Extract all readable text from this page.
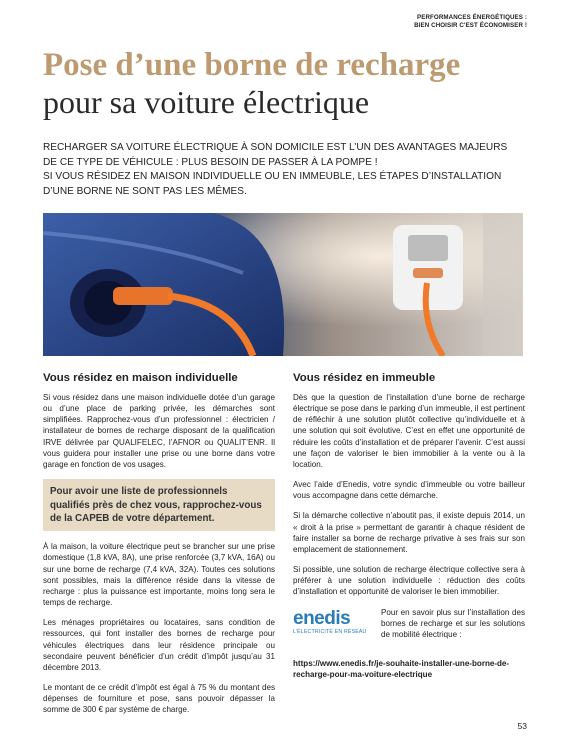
PERFORMANCES ÉNERGÉTIQUES :
BIEN CHOISIR C'EST ÉCONOMISER !
Pose d’une borne de recharge
pour sa voiture électrique

RECHARGER SA VOITURE ÉLECTRIQUE À SON DOMICILE EST L’UN DES AVANTAGES MAJEURS DE CE TYPE DE VÉHICULE : PLUS BESOIN DE PASSER À LA POMPE !

SI VOUS RÉSIDEZ EN MAISON INDIVIDUELLE OU EN IMMEUBLE, LES ÉTAPES D’INSTALLATION D’UNE BORNE NE SONT PAS LES MÊMES.

Vous résidez en maison individuelle	Vous résidez en immeuble

Si vous résidez dans une maison individuelle dotée d’un garage ou d’une place de parking privée, les démarches sont simplifiées. Rapprochez-vous d’un professionnel : électricien / installateur de bornes de recharge disposant de la qualification IRVE délivrée par QUALIFELEC, l’AFNOR ou QUALIT’ENR. Il vous guidera pour installer une prise ou une borne dans votre garage en fonction de vos usages.

Pour avoir une liste de professionnels
qualifiés près de chez vous, rapprochez-vous
de la CAPEB de votre département.

À la maison, la voiture électrique peut se brancher sur une prise domestique (1,8 kVA, 8A), une prise renforcée (3,7 kVA, 16A) ou sur une borne de recharge (7,4 kVA, 32A). Toutes ces solutions sont possibles, mais la différence réside dans la vitesse de recharge : plus la puissance est importante, moins long sera le temps de recharge.

Les ménages propriétaires ou locataires, sans condition de ressources, qui font installer des bornes de recharge pour véhicules électriques dans leur résidence principale ou secondaire peuvent bénéficier d’un crédit d’impôt jusqu’au 31 décembre 2013.

Le montant de ce crédit d’impôt est égal à 75 % du montant des dépenses de fourniture et pose, sans pouvoir dépasser la somme de 300 € par système de charge.

Dès que la question de l’installation d’une borne de recharge électrique se pose dans le parking d’un immeuble, il est pertinent de réfléchir à une solution plutôt collective qu’individuelle et à une solution qui soit évolutive. C’est en effet une opportunité de réduire les coûts d’installation et de préparer l’avenir. C’est aussi une façon de valoriser le bien immobilier à la vente ou à la location.

Avec l’aide d’Enedis, votre syndic d’immeuble ou votre bailleur vous accompagne dans cette démarche.

Si la démarche collective n’aboutit pas, il existe depuis 2014, un « droit à la prise » permettant de garantir à chaque résident de faire installer sa borne de recharge privative à ses frais sur son emplacement de stationnement.

Si possible, une solution de recharge électrique collective sera à préférer à une solution individuelle : réduction des coûts d’installation et opportunité de valoriser le bien immobilier.

enedis
L’ÉLECTRICITÉ EN RÉSEAU
Pour en savoir plus sur l’installation des bornes de recharge et sur les solutions de mobilité électrique :
https://www.enedis.fr/je-souhaite-installer-une-borne-de-recharge-pour-ma-voiture-electrique
53
